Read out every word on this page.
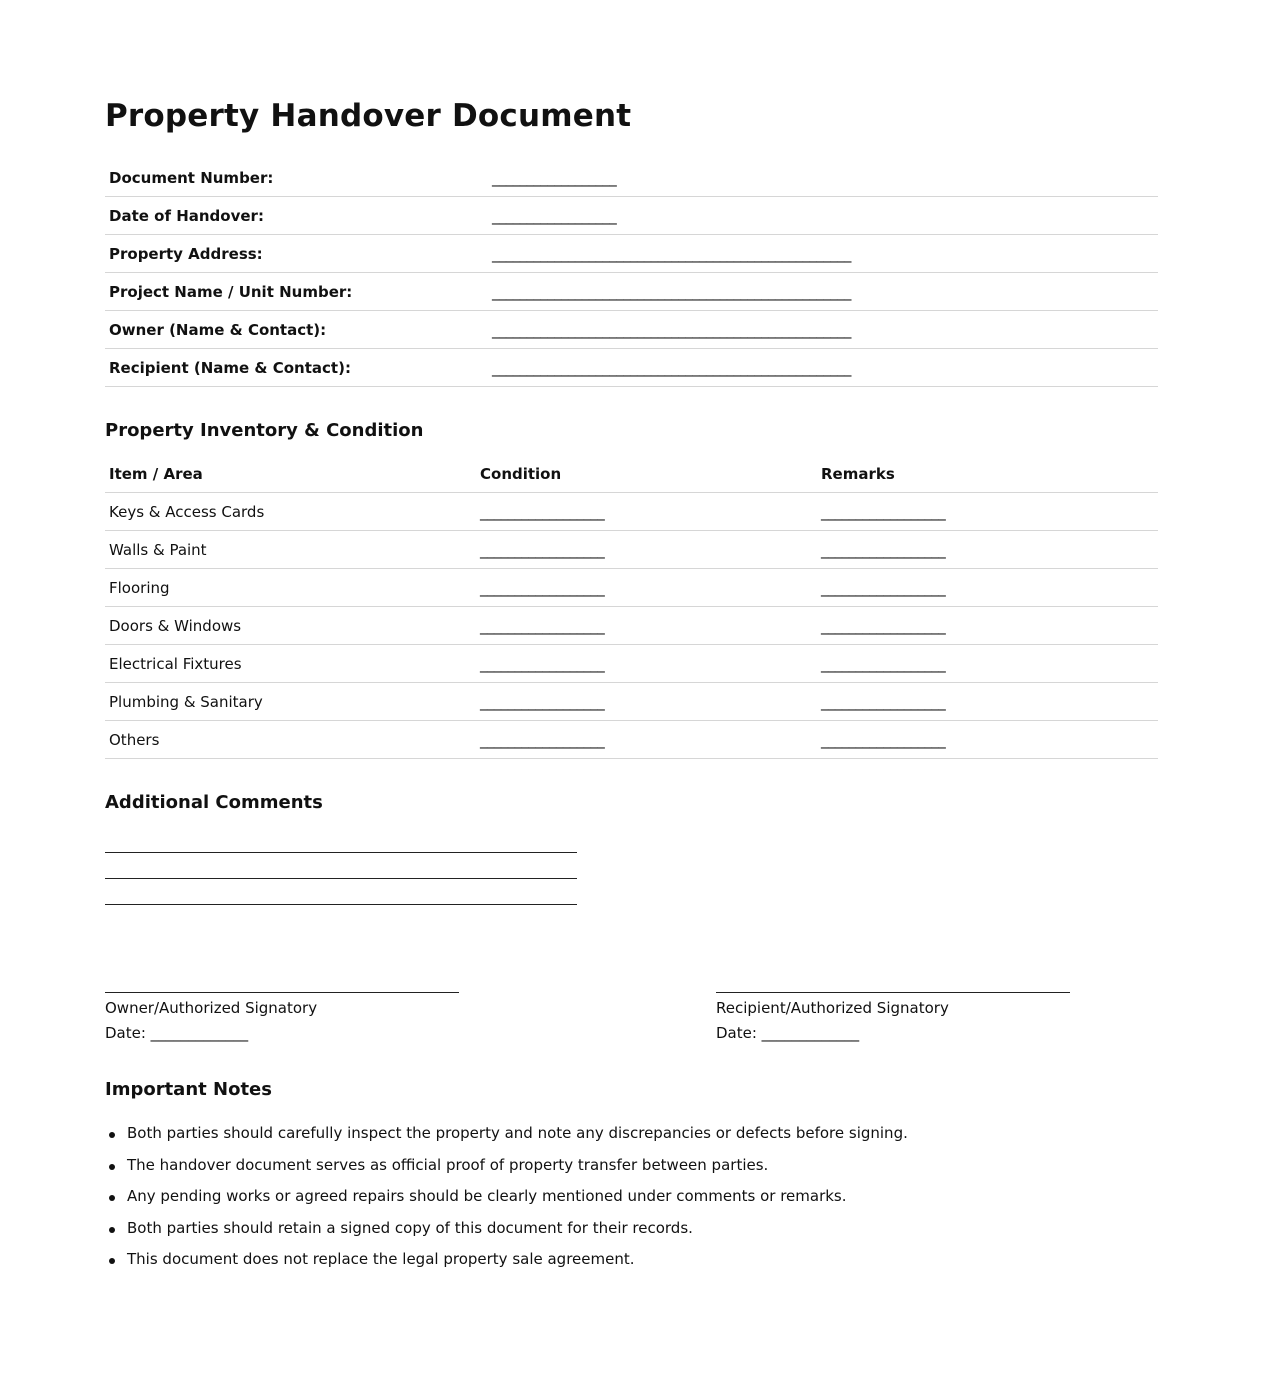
Property Handover Document
Document Number:	__________________
Date of Handover:	__________________
Property Address:	____________________________________________________
Project Name / Unit Number:	____________________________________________________
Owner (Name & Contact):	____________________________________________________
Recipient (Name & Contact):	____________________________________________________
Property Inventory & Condition
Item / Area	Condition	Remarks
Keys & Access Cards	__________________	__________________
Walls & Paint	__________________	__________________
Flooring	__________________	__________________
Doors & Windows	__________________	__________________
Electrical Fixtures	__________________	__________________
Plumbing & Sanitary	__________________	__________________
Others	__________________	__________________
Additional Comments
Owner/Authorized Signatory
Date: _____________
Recipient/Authorized Signatory
Date: _____________
Important Notes
Both parties should carefully inspect the property and note any discrepancies or defects before signing.
The handover document serves as official proof of property transfer between parties.
Any pending works or agreed repairs should be clearly mentioned under comments or remarks.
Both parties should retain a signed copy of this document for their records.
This document does not replace the legal property sale agreement.
